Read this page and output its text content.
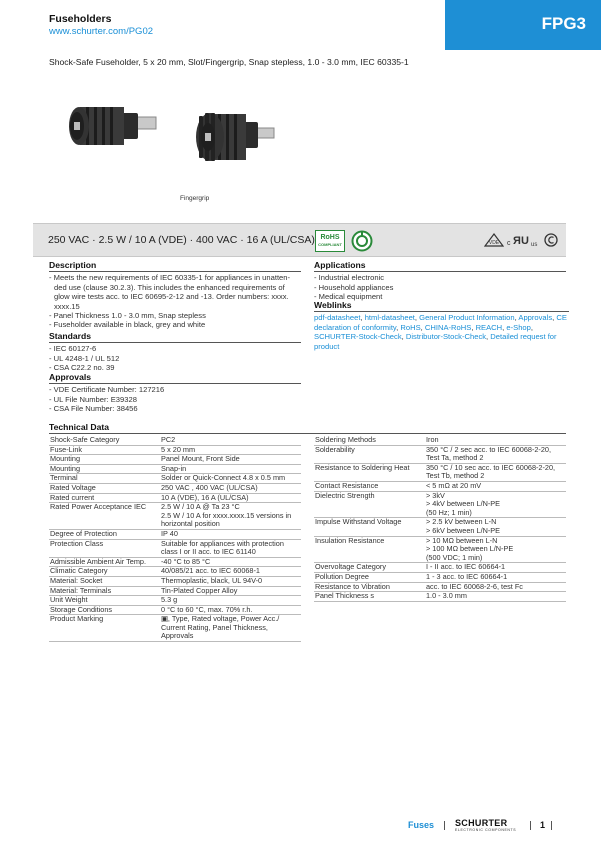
Fuseholders
www.schurter.com/PG02	FPG3
Shock-Safe Fuseholder, 5 x 20 mm, Slot/Fingergrip, Snap stepless, 1.0 - 3.0 mm, IEC 60335-1
Fingergrip
250 VAC · 2.5 W / 10 A (VDE) · 400 VAC · 16 A (UL/CSA) RoHS
COMPLIANT	VDE
c Я U us

Description

- Meets the new requirements of IEC 60335-1 for appliances in unatten-

ded use (clause 30.2.3). This includes the enhanced requirements of

glow wire tests acc. to IEC 60695-2-12 and -13. Order numbers: xxxx.

xxxx.15

- Panel Thickness 1.0 - 3.0 mm, Snap stepless

- Fuseholder available in black, grey and white

Standards

- IEC 60127-6

- UL 4248-1 / UL 512

- CSA C22.2 no. 39

Approvals

- VDE Certificate Number: 127216

- UL File Number: E39328

- CSA File Number: 38456

Applications

- Industrial electronic

- Household appliances

- Medical equipment

Weblinks

pdf-datasheet, html-datasheet, General Product Information, Approvals, CE declaration of conformity, RoHS, CHINA-RoHS, REACH, e-Shop, SCHURTER-Stock-Check, Distributor-Stock-Check, Detailed request for product

Technical Data
Shock-Safe Category	PC2
Fuse-Link	5 x 20 mm
Mounting	Panel Mount, Front Side
Mounting	Snap-in
Terminal	Solder or Quick-Connect 4.8 x 0.5 mm
Rated Voltage	250 VAC , 400 VAC (UL/CSA)
Rated current	10 A (VDE), 16 A (UL/CSA)
Rated Power Acceptance IEC	2.5 W / 10 A @ Ta 23 °C
2.5 W / 10 A for xxxx.xxxx.15 versions in horizontal position
Degree of Protection	IP 40
Protection Class	Suitable for appliances with protection class I or II acc. to IEC 61140
Admissible Ambient Air Temp.	-40 °C to 85 °C
Climatic Category	40/085/21 acc. to IEC 60068-1
Material: Socket	Thermoplastic, black, UL 94V-0
Material: Terminals	Tin-Plated Copper Alloy
Unit Weight	5.3 g
Storage Conditions	0 °C to 60 °C, max. 70% r.h.
Product Marking	▣, Type, Rated voltage, Power Acc./ Current Rating, Panel Thickness, Approvals
Soldering Methods	Iron
Solderability	350 °C / 2 sec acc. to IEC 60068-2-20, Test Ta, method 2
Resistance to Soldering Heat	350 °C / 10 sec acc. to IEC 60068-2-20, Test Tb, method 2
Contact Resistance	< 5 mΩ at 20 mV
Dielectric Strength	> 3kV
> 4kV between L/N-PE
(50 Hz; 1 min)
Impulse Withstand Voltage	> 2.5 kV between L-N
> 6kV between L/N-PE
Insulation Resistance	> 10 MΩ between L-N
> 100 MΩ between L/N-PE
(500 VDC; 1 min)
Overvoltage Category	I - II acc. to IEC 60664-1
Pollution Degree	1 - 3 acc. to IEC 60664-1
Resistance to Vibration	acc. to IEC 60068-2-6, test Fc
Panel Thickness s	1.0 - 3.0 mm
Fuses SCHURTER
ELECTRONIC COMPONENTS	1
